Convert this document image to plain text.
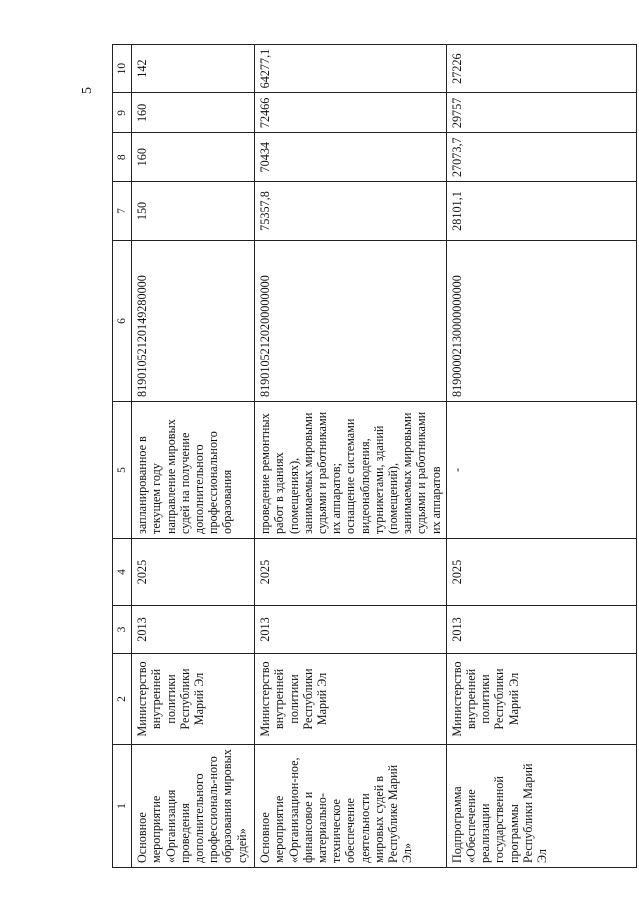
5
1	2	3	4	5	6	7	8	9	10
Основное мероприятие «Организация проведения дополнительного профессиональ-ного образования мировых судей»	Министерство внутренней политики Республики Марий Эл	2013	2025	запланированное в текущем году направление мировых судей на получение дополнительного профессионального образования	81901052120149280000	150	160	160	142
Основное мероприятие «Организацион-ное, финансовое и материально-техническое обеспечение деятельности мировых судей в Республике Марий Эл»	Министерство внутренней политики Республики Марий Эл	2013	2025	проведение ремонтных работ в зданиях (помещениях), занимаемых мировыми судьями и работниками их аппаратов; оснащение системами видеонаблюдения, турникетами, зданий (помещений), занимаемых мировыми судьями и работниками их аппаратов	81901052120200000000	75357,8	70434	72466	64277,1
Подпрограмма «Обеспечение реализации государственной программы Республики Марий Эл	Министерство внутренней политики Республики Марий Эл	2013	2025	-	81900002130000000000	28101,1	27073,7	29757	27226
